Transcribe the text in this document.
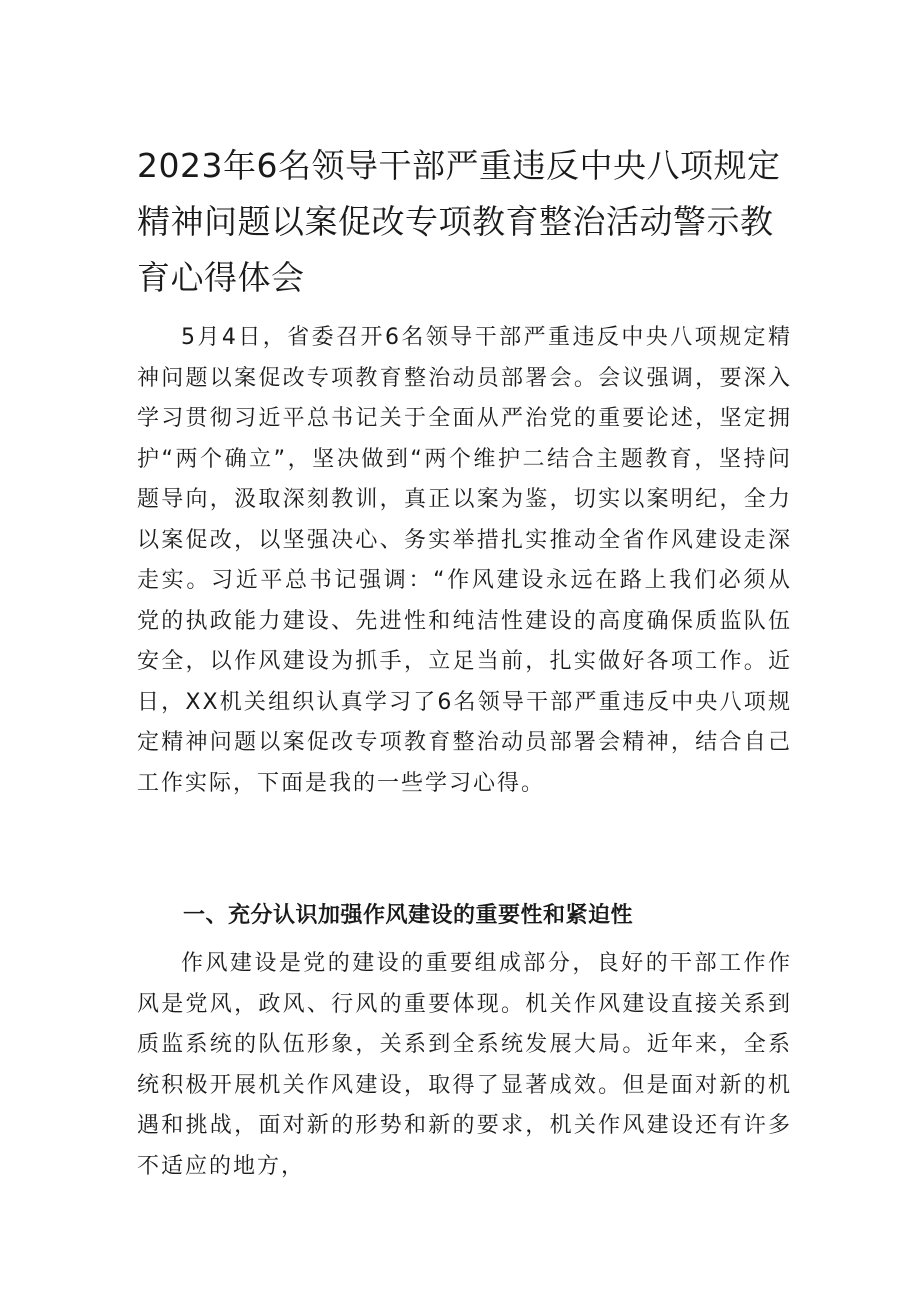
2023年6名领导干部严重违反中央八项规定精神问题以案促改专项教育整治活动警示教育心得体会

5月4日，省委召开6名领导干部严重违反中央八项规定精神问题以案促改专项教育整治动员部署会。会议强调，要深入学习贯彻习近平总书记关于全面从严治党的重要论述，坚定拥护“两个确立”，坚决做到“两个维护二结合主题教育，坚持问题导向，汲取深刻教训，真正以案为鉴，切实以案明纪，全力以案促改，以坚强决心、务实举措扎实推动全省作风建设走深走实。习近平总书记强调：“作风建设永远在路上我们必须从党的执政能力建设、先进性和纯洁性建设的高度确保质监队伍安全，以作风建设为抓手，立足当前，扎实做好各项工作。近日，XX机关组织认真学习了6名领导干部严重违反中央八项规定精神问题以案促改专项教育整治动员部署会精神，结合自己工作实际，下面是我的一些学习心得。

一、充分认识加强作风建设的重要性和紧迫性

作风建设是党的建设的重要组成部分，良好的干部工作作风是党风，政风、行风的重要体现。机关作风建设直接关系到质监系统的队伍形象，关系到全系统发展大局。近年来，全系统积极开展机关作风建设，取得了显著成效。但是面对新的机遇和挑战，面对新的形势和新的要求，机关作风建设还有许多不适应的地方，
